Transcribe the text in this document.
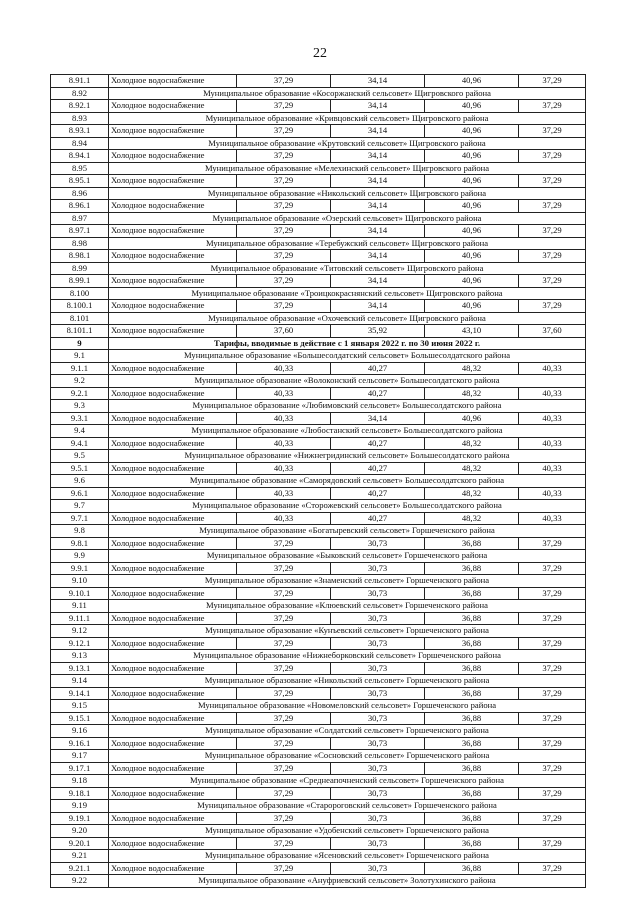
22
8.91.1	Холодное водоснабжение	37,29	34,14	40,96	37,29
8.92	Муниципальное образование «Косоржанский сельсовет» Щигровского района				
8.92.1	Холодное водоснабжение	37,29	34,14	40,96	37,29
8.93	Муниципальное образование «Кривцовский сельсовет» Щигровского района				
8.93.1	Холодное водоснабжение	37,29	34,14	40,96	37,29
8.94	Муниципальное образование «Крутовский сельсовет» Щигровского района				
8.94.1	Холодное водоснабжение	37,29	34,14	40,96	37,29
8.95	Муниципальное образование «Мелехинский сельсовет» Щигровского района				
8.95.1	Холодное водоснабжение	37,29	34,14	40,96	37,29
8.96	Муниципальное образование «Никольский сельсовет» Щигровского района				
8.96.1	Холодное водоснабжение	37,29	34,14	40,96	37,29
8.97	Муниципальное образование «Озерский сельсовет» Щигровского района				
8.97.1	Холодное водоснабжение	37,29	34,14	40,96	37,29
8.98	Муниципальное образование «Теребужский сельсовет» Щигровского района				
8.98.1	Холодное водоснабжение	37,29	34,14	40,96	37,29
8.99	Муниципальное образование «Титовский сельсовет» Щигровского района				
8.99.1	Холодное водоснабжение	37,29	34,14	40,96	37,29
8.100	Муниципальное образование «Троицкокраснянский сельсовет» Щигровского района				
8.100.1	Холодное водоснабжение	37,29	34,14	40,96	37,29
8.101	Муниципальное образование «Охочевский сельсовет» Щигровского района				
8.101.1	Холодное водоснабжение	37,60	35,92	43,10	37,60
9	Тарифы, вводимые в действие с 1 января 2022 г. по 30 июня 2022 г.				
9.1	Муниципальное образование «Большесолдатский сельсовет» Большесолдатского района				
9.1.1	Холодное водоснабжение	40,33	40,27	48,32	40,33
9.2	Муниципальное образование «Волоконский сельсовет» Большесолдатского района				
9.2.1	Холодное водоснабжение	40,33	40,27	48,32	40,33
9.3	Муниципальное образование «Любимовский сельсовет» Большесолдатского района				
9.3.1	Холодное водоснабжение	40,33	34,14	40,96	40,33
9.4	Муниципальное образование «Любостанский сельсовет» Большесолдатского района				
9.4.1	Холодное водоснабжение	40,33	40,27	48,32	40,33
9.5	Муниципальное образование «Нижнегридинский сельсовет» Большесолдатского района				
9.5.1	Холодное водоснабжение	40,33	40,27	48,32	40,33
9.6	Муниципальное образование «Саморядовский сельсовет» Большесолдатского района				
9.6.1	Холодное водоснабжение	40,33	40,27	48,32	40,33
9.7	Муниципальное образование «Сторожевский сельсовет» Большесолдатского района				
9.7.1	Холодное водоснабжение	40,33	40,27	48,32	40,33
9.8	Муниципальное образование «Богатыревский сельсовет» Горшеченского района				
9.8.1	Холодное водоснабжение	37,29	30,73	36,88	37,29
9.9	Муниципальное образование «Быковский сельсовет» Горшеченского района				
9.9.1	Холодное водоснабжение	37,29	30,73	36,88	37,29
9.10	Муниципальное образование «Знаменский сельсовет» Горшеченского района				
9.10.1	Холодное водоснабжение	37,29	30,73	36,88	37,29
9.11	Муниципальное образование «Клюевский сельсовет» Горшеченского района				
9.11.1	Холодное водоснабжение	37,29	30,73	36,88	37,29
9.12	Муниципальное образование «Кунъевский сельсовет» Горшеченского района				
9.12.1	Холодное водоснабжение	37,29	30,73	36,88	37,29
9.13	Муниципальное образование «Нижнеборковский сельсовет» Горшеченского района				
9.13.1	Холодное водоснабжение	37,29	30,73	36,88	37,29
9.14	Муниципальное образование «Никольский сельсовет» Горшеченского района				
9.14.1	Холодное водоснабжение	37,29	30,73	36,88	37,29
9.15	Муниципальное образование «Новомеловский сельсовет» Горшеченского района				
9.15.1	Холодное водоснабжение	37,29	30,73	36,88	37,29
9.16	Муниципальное образование «Солдатский сельсовет» Горшеченского района				
9.16.1	Холодное водоснабжение	37,29	30,73	36,88	37,29
9.17	Муниципальное образование «Сосновский сельсовет» Горшеченского района				
9.17.1	Холодное водоснабжение	37,29	30,73	36,88	37,29
9.18	Муниципальное образование «Среднеапочненский сельсовет» Горшеченского района				
9.18.1	Холодное водоснабжение	37,29	30,73	36,88	37,29
9.19	Муниципальное образование «Старороговский сельсовет» Горшеченского района				
9.19.1	Холодное водоснабжение	37,29	30,73	36,88	37,29
9.20	Муниципальное образование «Удобенский сельсовет» Горшеченского района				
9.20.1	Холодное водоснабжение	37,29	30,73	36,88	37,29
9.21	Муниципальное образование «Ясеновский сельсовет» Горшеченского района				
9.21.1	Холодное водоснабжение	37,29	30,73	36,88	37,29
9.22	Муниципальное образование «Ануфриевский сельсовет» Золотухинского района				
